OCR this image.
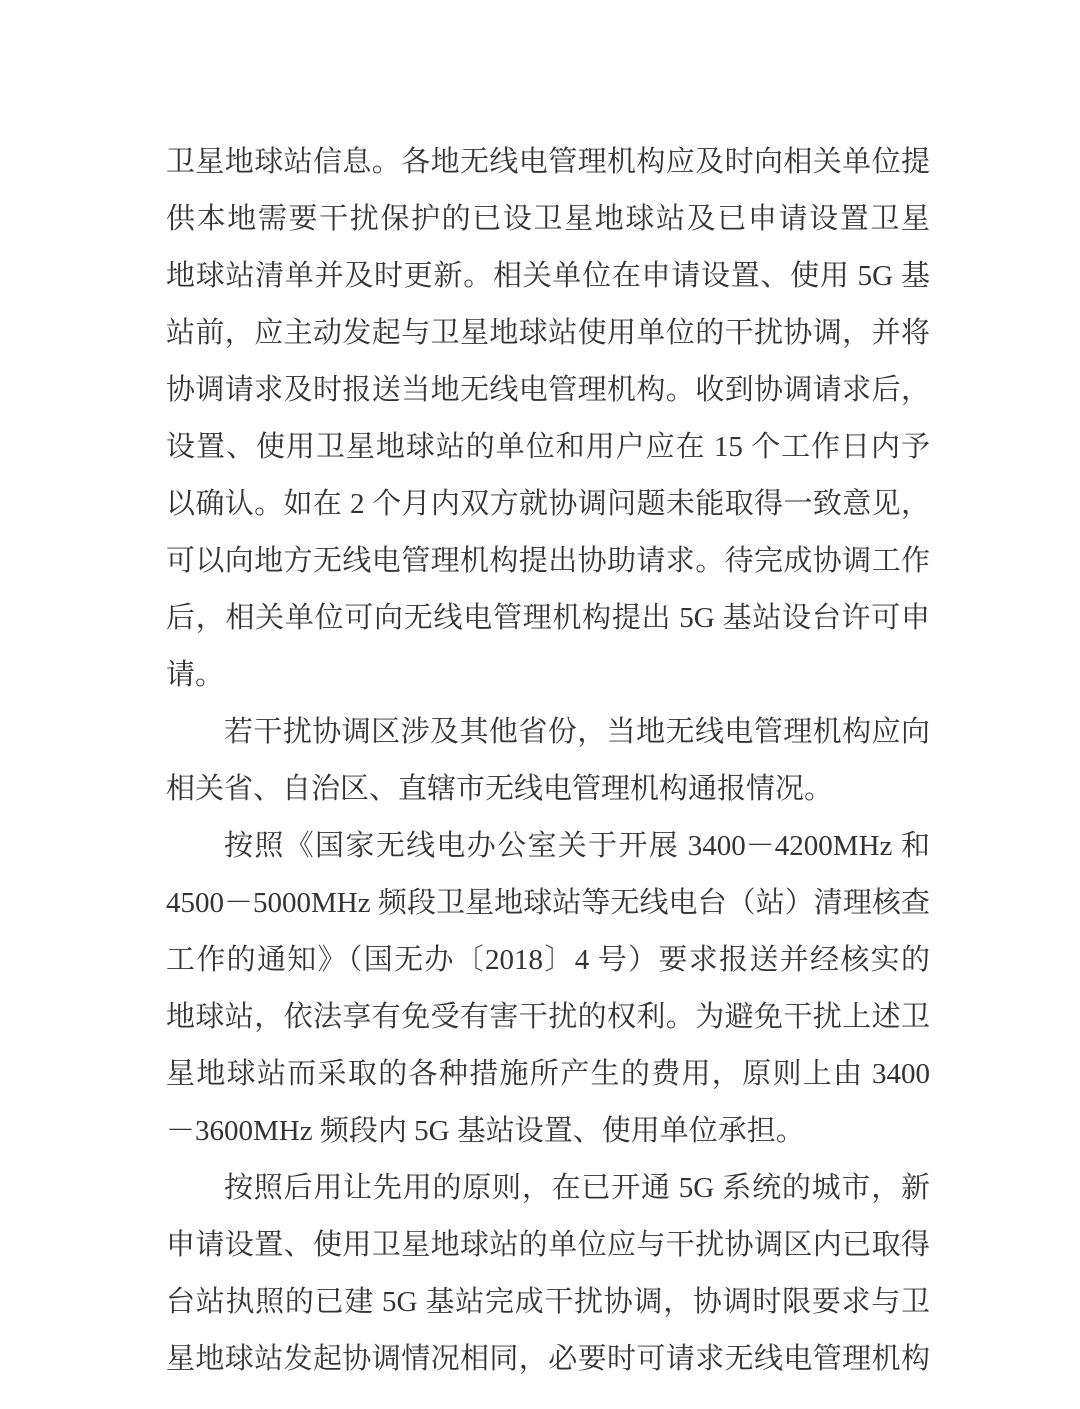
卫星地球站信息。各地无线电管理机构应及时向相关单位提
供本地需要干扰保护的已设卫星地球站及已申请设置卫星
地球站清单并及时更新。相关单位在申请设置、使用 5G 基
站前，应主动发起与卫星地球站使用单位的干扰协调，并将
协调请求及时报送当地无线电管理机构。收到协调请求后，
设置、使用卫星地球站的单位和用户应在 15 个工作日内予
以确认。如在 2 个月内双方就协调问题未能取得一致意见，
可以向地方无线电管理机构提出协助请求。待完成协调工作
后，相关单位可向无线电管理机构提出 5G 基站设台许可申
请。
若干扰协调区涉及其他省份，当地无线电管理机构应向
相关省、自治区、直辖市无线电管理机构通报情况。
按照《国家无线电办公室关于开展 3400－4200MHz 和
4500－5000MHz 频段卫星地球站等无线电台（站）清理核查
工作的通知》（国无办〔2018〕4 号）要求报送并经核实的
地球站，依法享有免受有害干扰的权利。为避免干扰上述卫
星地球站而采取的各种措施所产生的费用，原则上由 3400
－3600MHz 频段内 5G 基站设置、使用单位承担。
按照后用让先用的原则，在已开通 5G 系统的城市，新
申请设置、使用卫星地球站的单位应与干扰协调区内已取得
台站执照的已建 5G 基站完成干扰协调，协调时限要求与卫
星地球站发起协调情况相同，必要时可请求无线电管理机构
